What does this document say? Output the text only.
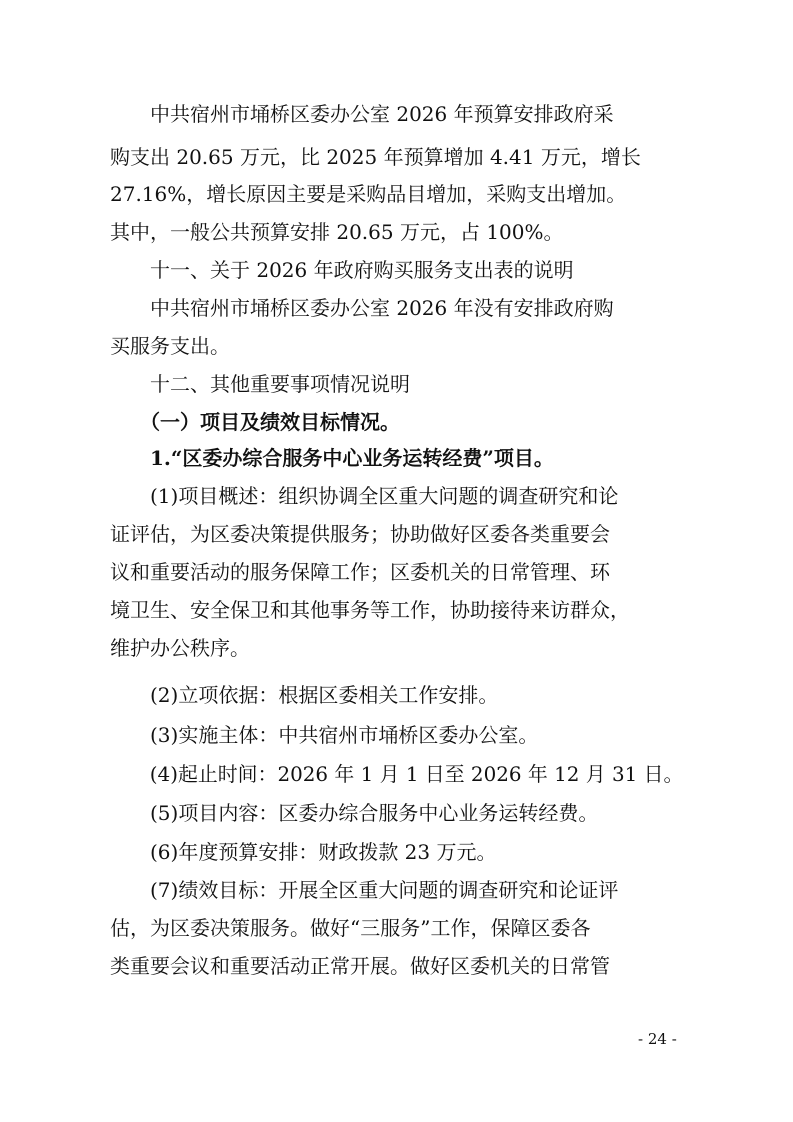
　　中共宿州市埇桥区委办公室 2026 年预算安排政府采
购支出 20.65 万元，比 2025 年预算增加 4.41 万元，增长
27.16%，增长原因主要是采购品目增加，采购支出增加。
其中，一般公共预算安排 20.65 万元，占 100%。
　　十一、关于 2026 年政府购买服务支出表的说明
　　中共宿州市埇桥区委办公室 2026 年没有安排政府购
买服务支出。
　　十二、其他重要事项情况说明
　　（一）项目及绩效目标情况。
　　1.“区委办综合服务中心业务运转经费”项目。
　　(1)项目概述：组织协调全区重大问题的调查研究和论
证评估，为区委决策提供服务；协助做好区委各类重要会
议和重要活动的服务保障工作；区委机关的日常管理、环
境卫生、安全保卫和其他事务等工作，协助接待来访群众，
维护办公秩序。
　　(2)立项依据：根据区委相关工作安排。
　　(3)实施主体：中共宿州市埇桥区委办公室。
　　(4)起止时间：2026 年 1 月 1 日至 2026 年 12 月 31 日。
　　(5)项目内容：区委办综合服务中心业务运转经费。
　　(6)年度预算安排：财政拨款 23 万元。
　　(7)绩效目标：开展全区重大问题的调查研究和论证评
估，为区委决策服务。做好“三服务”工作，保障区委各
类重要会议和重要活动正常开展。做好区委机关的日常管
- 24 -
